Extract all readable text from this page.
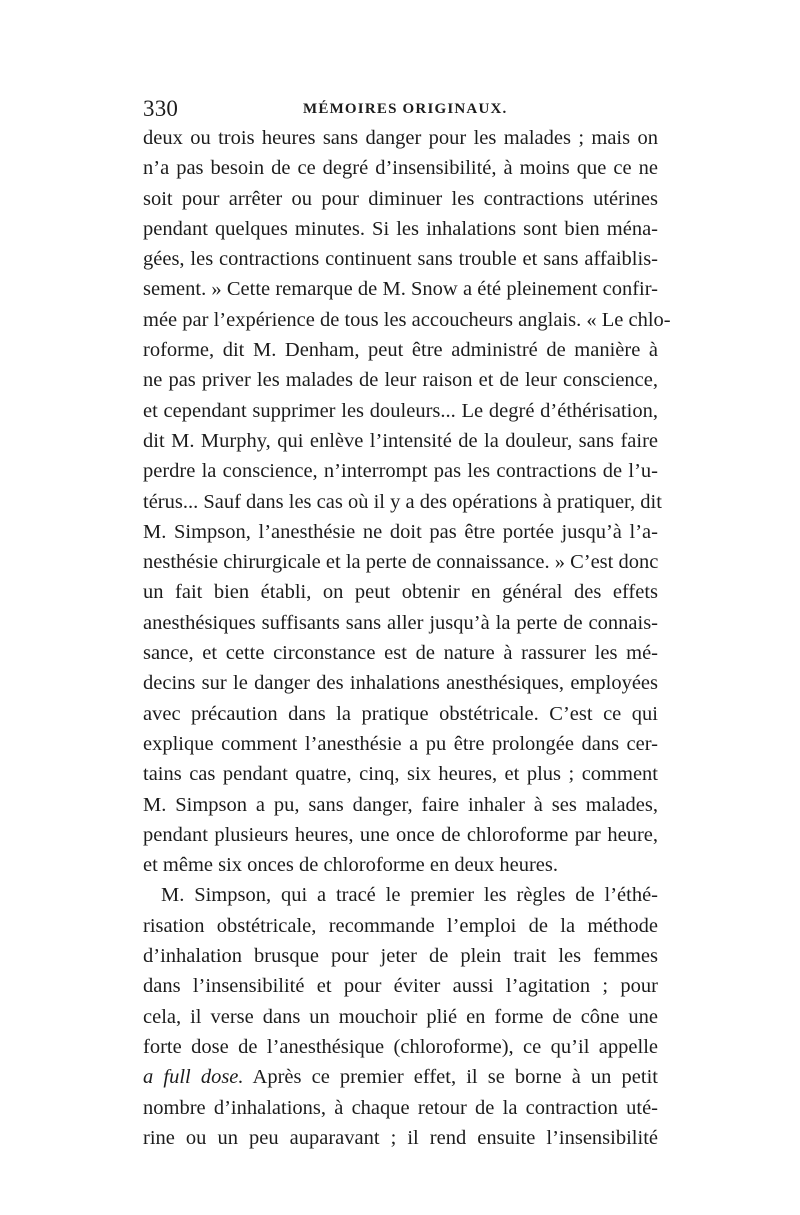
330	MÉMOIRES ORIGINAUX.
deux ou trois heures sans danger pour les malades ; mais on
n’a pas besoin de ce degré d’insensibilité, à moins que ce ne
soit pour arrêter ou pour diminuer les contractions utérines
pendant quelques minutes. Si les inhalations sont bien ména-
gées, les contractions continuent sans trouble et sans affaiblis-
sement. » Cette remarque de M. Snow a été pleinement confir-
mée par l’expérience de tous les accoucheurs anglais. « Le chlo-
roforme, dit M. Denham, peut être administré de manière à
ne pas priver les malades de leur raison et de leur conscience,
et cependant supprimer les douleurs... Le degré d’éthérisation,
dit M. Murphy, qui enlève l’intensité de la douleur, sans faire
perdre la conscience, n’interrompt pas les contractions de l’u-
térus... Sauf dans les cas où il y a des opérations à pratiquer, dit
M. Simpson, l’anesthésie ne doit pas être portée jusqu’à l’a-
nesthésie chirurgicale et la perte de connaissance. » C’est donc
un fait bien établi, on peut obtenir en général des effets
anesthésiques suffisants sans aller jusqu’à la perte de connais-
sance, et cette circonstance est de nature à rassurer les mé-
decins sur le danger des inhalations anesthésiques, employées
avec précaution dans la pratique obstétricale. C’est ce qui
explique comment l’anesthésie a pu être prolongée dans cer-
tains cas pendant quatre, cinq, six heures, et plus ; comment
M. Simpson a pu, sans danger, faire inhaler à ses malades,
pendant plusieurs heures, une once de chloroforme par heure,
et même six onces de chloroforme en deux heures.
M. Simpson, qui a tracé le premier les règles de l’éthé-
risation obstétricale, recommande l’emploi de la méthode
d’inhalation brusque pour jeter de plein trait les femmes
dans l’insensibilité et pour éviter aussi l’agitation ; pour
cela, il verse dans un mouchoir plié en forme de cône une
forte dose de l’anesthésique (chloroforme), ce qu’il appelle
a full dose. Après ce premier effet, il se borne à un petit
nombre d’inhalations, à chaque retour de la contraction uté-
rine ou un peu auparavant ; il rend ensuite l’insensibilité
